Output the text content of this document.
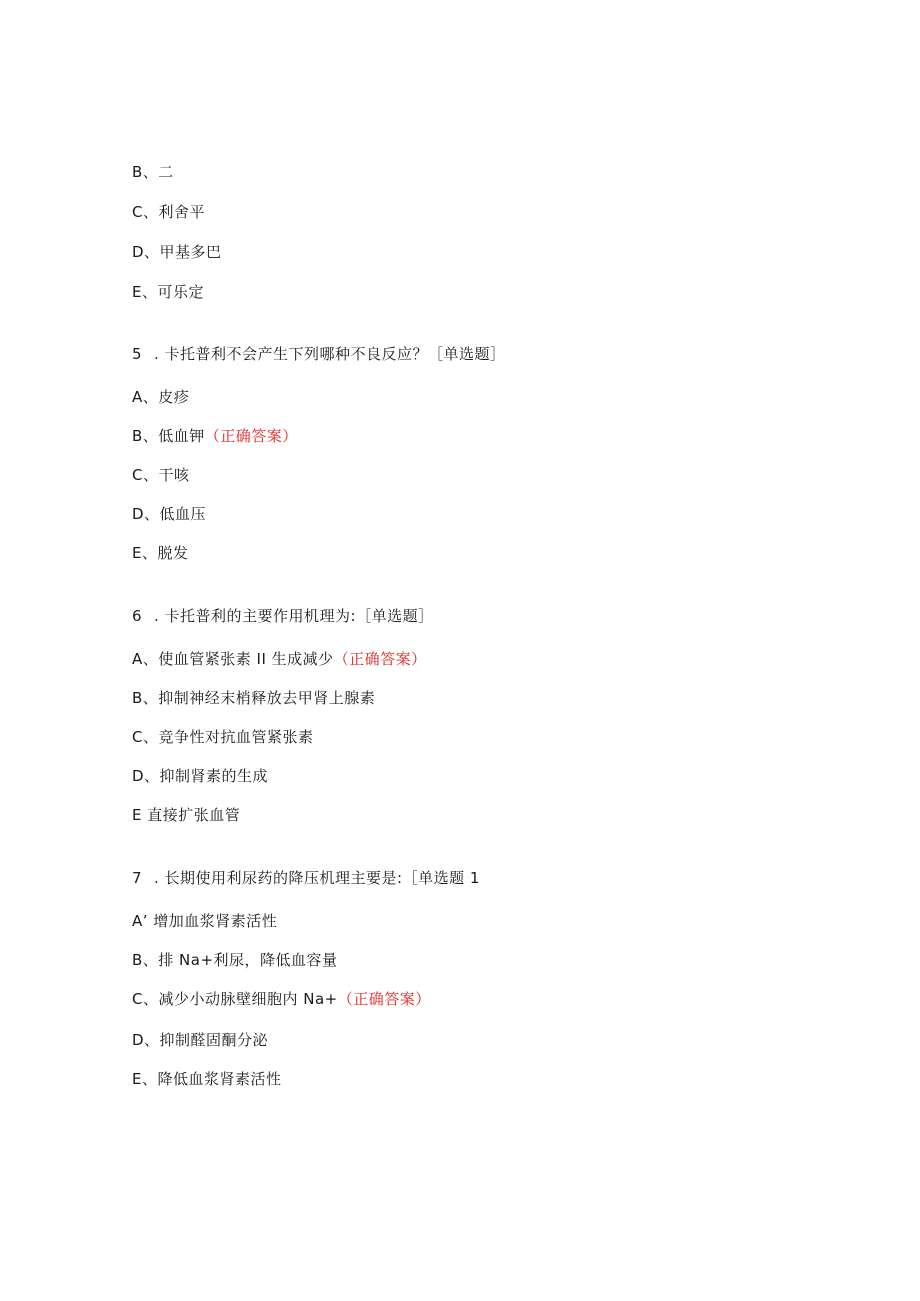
B、二
C、利舍平
D、甲基多巴
E、可乐定
5 . 卡托普利不会产生下列哪种不良反应？［单选题］
A、皮疹
B、低血钾（正确答案）
C、干咳
D、低血压
E、脱发
6 . 卡托普利的主要作用机理为:［单选题］
A、使血管紧张素 II 生成减少（正确答案）
B、抑制神经末梢释放去甲肾上腺素
C、竞争性对抗血管紧张素
D、抑制肾素的生成
E 直接扩张血管
7 . 长期使用利尿药的降压机理主要是:［单选题 1
A’ 增加血浆肾素活性
B、排 Na+利尿，降低血容量
C、减少小动脉壁细胞内 Na+（正确答案）
D、抑制醛固酮分泌
E、降低血浆肾素活性
